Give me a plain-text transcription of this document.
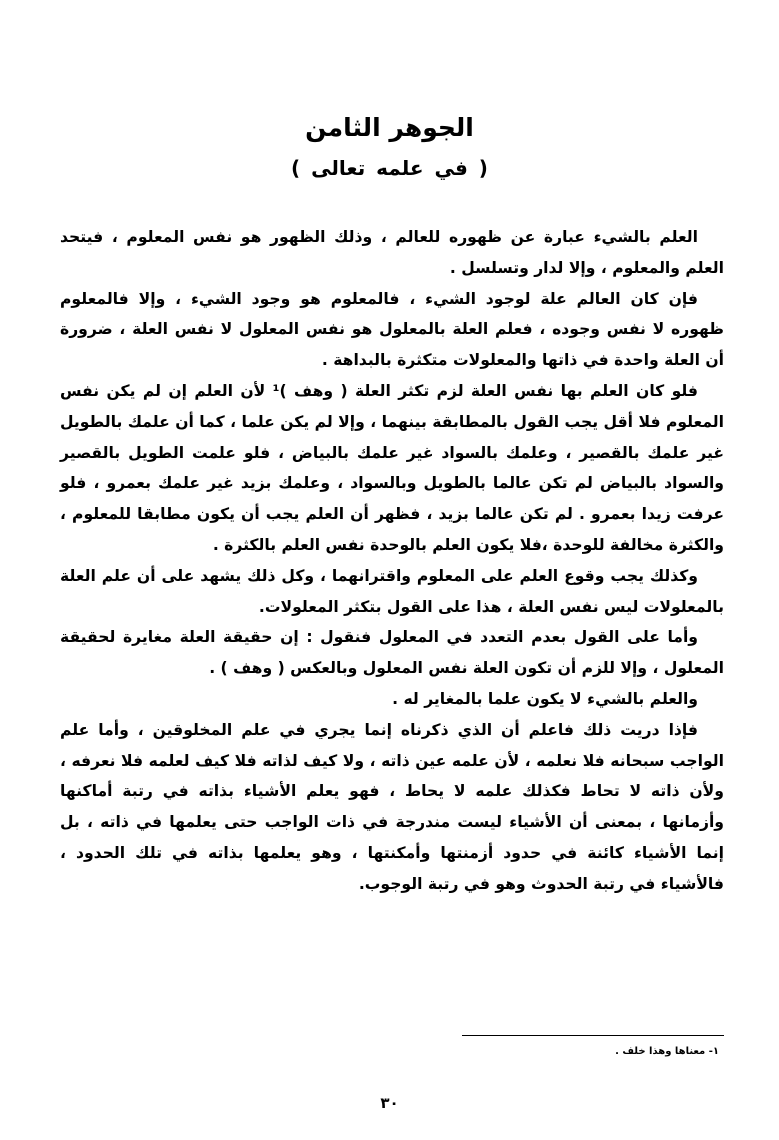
الجوهر الثامن
( في علمه تعالى )

العلم بالشيء عبارة عن ظهوره للعالم ، وذلك الظهور هو نفس المعلوم ، فيتحد العلم والمعلوم ، وإلا لدار وتسلسل .

فإن كان العالم علة لوجود الشيء ، فالمعلوم هو وجود الشيء ، وإلا فالمعلوم ظهوره لا نفس وجوده ، فعلم العلة بالمعلول هو نفس المعلول لا نفس العلة ، ضرورة أن العلة واحدة في ذاتها والمعلولات متكثرة بالبداهة .

فلو كان العلم بها نفس العلة لزم تكثر العلة ( وهف )¹ لأن العلم إن لم يكن نفس المعلوم فلا أقل يجب القول بالمطابقة بينهما ، وإلا لم يكن علما ، كما أن علمك بالطويل غير علمك بالقصير ، وعلمك بالسواد غير علمك بالبياض ، فلو علمت الطويل بالقصير والسواد بالبياض لم تكن عالما بالطويل وبالسواد ، وعلمك بزيد غير علمك بعمرو ، فلو عرفت زيدا بعمرو . لم تكن عالما بزيد ، فظهر أن العلم يجب أن يكون مطابقا للمعلوم ، والكثرة مخالفة للوحدة ،فلا يكون العلم بالوحدة نفس العلم بالكثرة .

وكذلك يجب وقوع العلم على المعلوم واقترانهما ، وكل ذلك يشهد على أن علم العلة بالمعلولات ليس نفس العلة ، هذا على القول بتكثر المعلولات.

وأما على القول بعدم التعدد في المعلول فنقول : إن حقيقة العلة مغايرة لحقيقة المعلول ، وإلا للزم أن تكون العلة نفس المعلول وبالعكس ( وهف ) .

والعلم بالشيء لا يكون علما بالمغاير له .

فإذا دريت ذلك فاعلم أن الذي ذكرناه إنما يجري في علم المخلوقين ، وأما علم الواجب سبحانه فلا نعلمه ، لأن علمه عين ذاته ، ولا كيف لذاته فلا كيف لعلمه فلا نعرفه ، ولأن ذاته لا تحاط فكذلك علمه لا يحاط ، فهو يعلم الأشياء بذاته في رتبة أماكنها وأزمانها ، بمعنى أن الأشياء ليست مندرجة في ذات الواجب حتى يعلمها في ذاته ، بل إنما الأشياء كائنة في حدود أزمنتها وأمكنتها ، وهو يعلمها بذاته في تلك الحدود ، فالأشياء في رتبة الحدوث وهو في رتبة الوجوب.

١- معناها وهذا خلف .
٣٠
